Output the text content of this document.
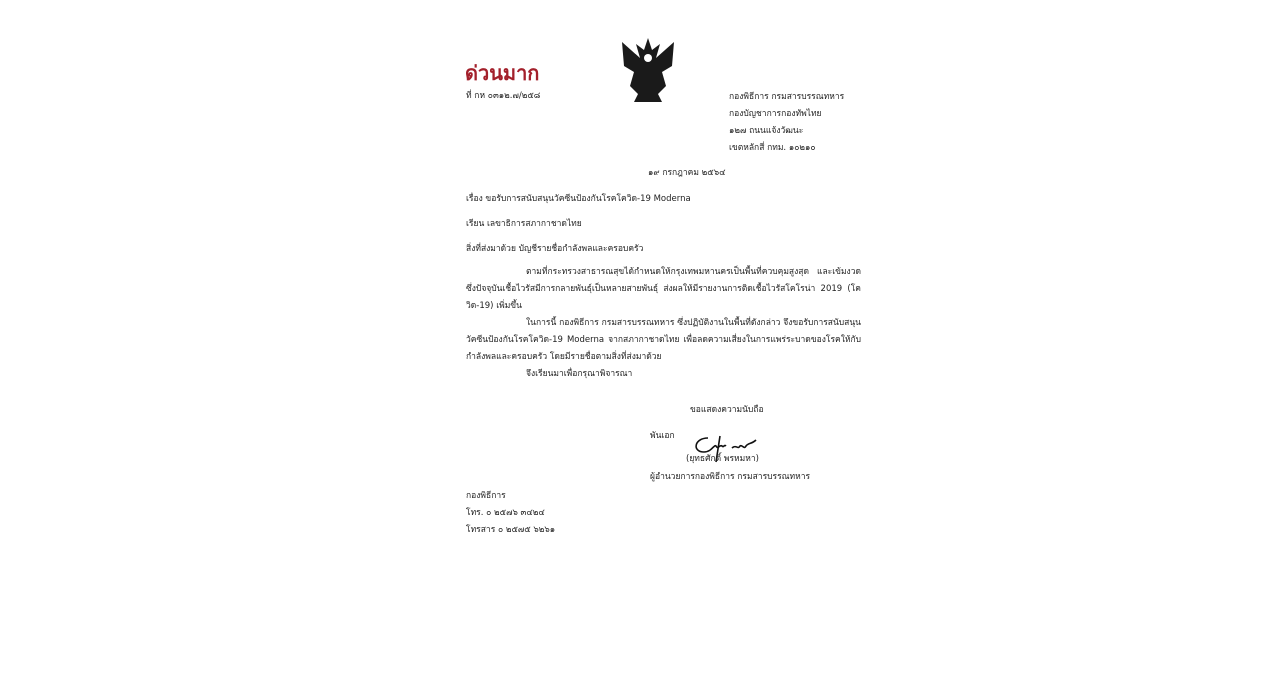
ด่วนมาก
ที่ กห ๐๓๑๒.๗/๒๕๘	กองพิธีการ กรมสารบรรณทหาร
กองบัญชาการกองทัพไทย
๑๒๗ ถนนแจ้งวัฒนะ
เขตหลักสี่ กทม. ๑๐๒๑๐
๑๙ กรกฎาคม ๒๕๖๔
เรื่อง ขอรับการสนับสนุนวัคซีนป้องกันโรคโควิด-19 Moderna
เรียน เลขาธิการสภากาชาดไทย
สิ่งที่ส่งมาด้วย บัญชีรายชื่อกำลังพลและครอบครัว
ตามที่กระทรวงสาธารณสุขได้กำหนดให้กรุงเทพมหานครเป็นพื้นที่ควบคุมสูงสุด และเข้มงวด ซึ่งปัจจุบันเชื้อไวรัสมีการกลายพันธุ์เป็นหลายสายพันธุ์ ส่งผลให้มีรายงานการติดเชื้อไวรัสโคโรน่า 2019 (โควิด-19) เพิ่มขึ้น
ในการนี้ กองพิธีการ กรมสารบรรณทหาร ซึ่งปฏิบัติงานในพื้นที่ดังกล่าว จึงขอรับการสนับสนุนวัคซีนป้องกันโรคโควิด-19 Moderna จากสภากาชาดไทย เพื่อลดความเสี่ยงในการแพร่ระบาดของโรคให้กับกำลังพลและครอบครัว โดยมีรายชื่อตามสิ่งที่ส่งมาด้วย
จึงเรียนมาเพื่อกรุณาพิจารณา
ขอแสดงความนับถือ
พันเอก
(ยุทธศักดิ์ พรหมหา)
ผู้อำนวยการกองพิธีการ กรมสารบรรณทหาร
กองพิธีการ
โทร. ๐ ๒๕๗๖ ๓๔๒๔
โทรสาร ๐ ๒๕๗๕ ๖๒๖๑
